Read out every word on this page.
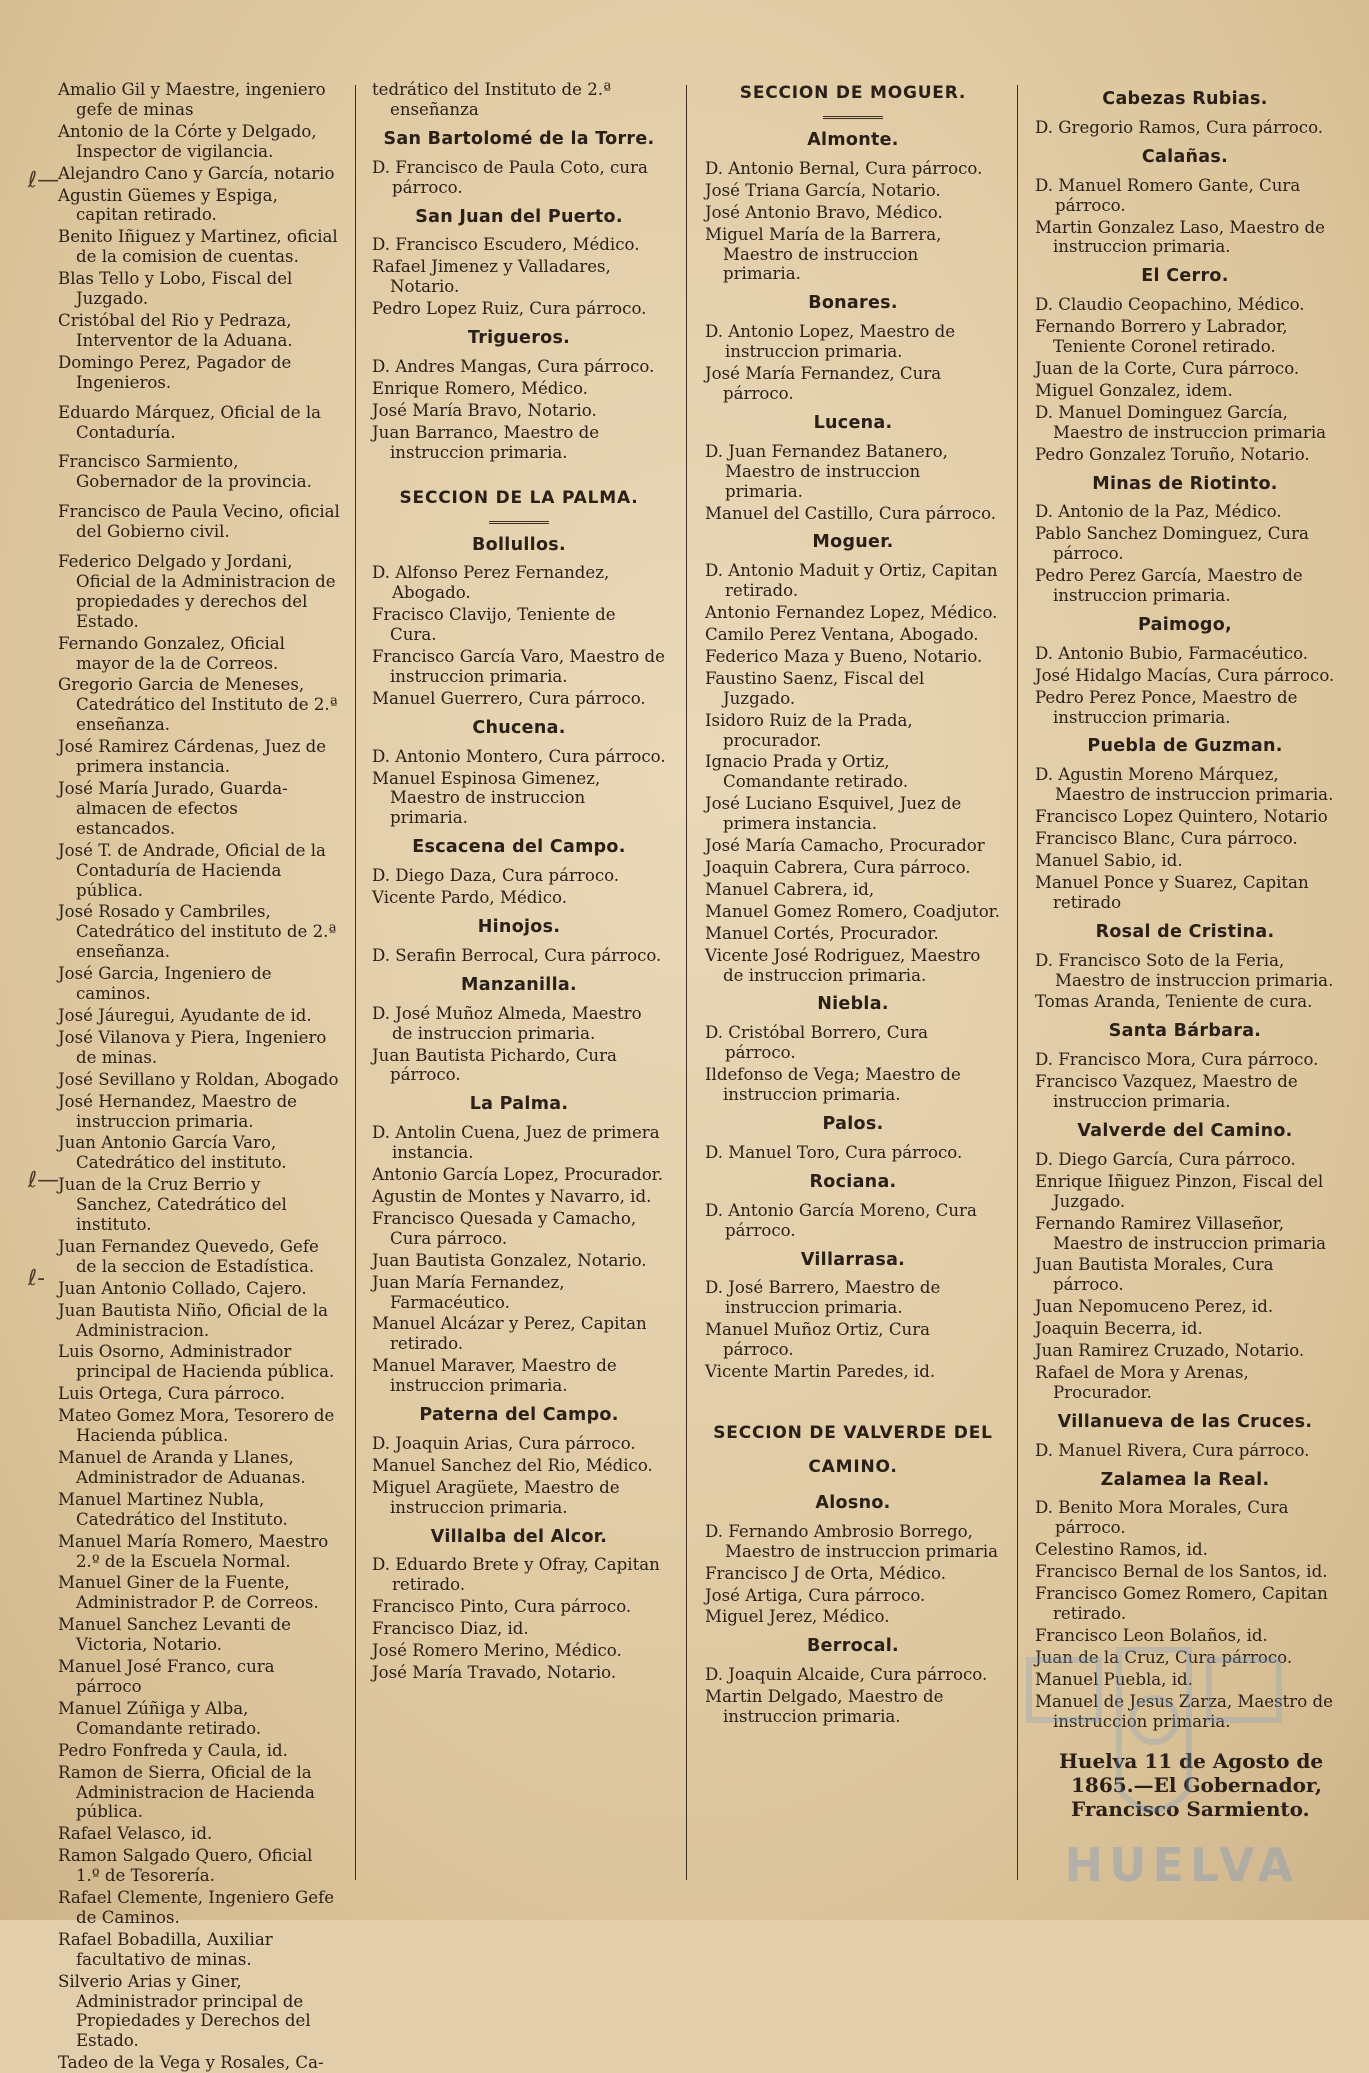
ℓ—
ℓ—
ℓ-
Amalio Gil y Maestre, ingeniero gefe de minas
Antonio de la Córte y Delgado, Inspector de vigilancia.
Alejandro Cano y García, notario
Agustin Güemes y Espiga, capitan retirado.
Benito Iñiguez y Martinez, oficial de la comision de cuentas.
Blas Tello y Lobo, Fiscal del Juzgado.
Cristóbal del Rio y Pedraza, Interventor de la Aduana.
Domingo Perez, Pagador de Ingenieros.
Eduardo Márquez, Oficial de la Contaduría.
Francisco Sarmiento, Gobernador de la provincia.
Francisco de Paula Vecino, oficial del Gobierno civil.
Federico Delgado y Jordani, Oficial de la Administracion de propiedades y derechos del Estado.
Fernando Gonzalez, Oficial mayor de la de Correos.
Gregorio Garcia de Meneses, Catedrático del Instituto de 2.ª enseñanza.
José Ramirez Cárdenas, Juez de primera instancia.
José María Jurado, Guarda-almacen de efectos estancados.
José T. de Andrade, Oficial de la Contaduría de Hacienda pública.
José Rosado y Cambriles, Catedrático del instituto de 2.ª enseñanza.
José Garcia, Ingeniero de caminos.
José Jáuregui, Ayudante de id.
José Vilanova y Piera, Ingeniero de minas.
José Sevillano y Roldan, Abogado
José Hernandez, Maestro de instruccion primaria.
Juan Antonio García Varo, Catedrático del instituto.
Juan de la Cruz Berrio y Sanchez, Catedrático del instituto.
Juan Fernandez Quevedo, Gefe de la seccion de Estadística.
Juan Antonio Collado, Cajero.
Juan Bautista Niño, Oficial de la Administracion.
Luis Osorno, Administrador principal de Hacienda pública.
Luis Ortega, Cura párroco.
Mateo Gomez Mora, Tesorero de Hacienda pública.
Manuel de Aranda y Llanes, Administrador de Aduanas.
Manuel Martinez Nubla, Catedrático del Instituto.
Manuel María Romero, Maestro 2.º de la Escuela Normal.
Manuel Giner de la Fuente, Administrador P. de Correos.
Manuel Sanchez Levanti de Victoria, Notario.
Manuel José Franco, cura párroco
Manuel Zúñiga y Alba, Comandante retirado.
Pedro Fonfreda y Caula, id.
Ramon de Sierra, Oficial de la Administracion de Hacienda pública.
Rafael Velasco, id.
Ramon Salgado Quero, Oficial 1.º de Tesorería.
Rafael Clemente, Ingeniero Gefe de Caminos.
Rafael Bobadilla, Auxiliar facultativo de minas.
Silverio Arias y Giner, Administrador principal de Propiedades y Derechos del Estado.
Tadeo de la Vega y Rosales, Ca-
tedrático del Instituto de 2.ª enseñanza
San Bartolomé de la Torre.
D. Francisco de Paula Coto, cura párroco.
San Juan del Puerto.
D. Francisco Escudero, Médico.
Rafael Jimenez y Valladares, Notario.
Pedro Lopez Ruiz, Cura párroco.
Trigueros.
D. Andres Mangas, Cura párroco.
Enrique Romero, Médico.
José María Bravo, Notario.
Juan Barranco, Maestro de instruccion primaria.
SECCION DE LA PALMA.
Bollullos.
D. Alfonso Perez Fernandez, Abogado.
Fracisco Clavijo, Teniente de Cura.
Francisco García Varo, Maestro de instruccion primaria.
Manuel Guerrero, Cura párroco.
Chucena.
D. Antonio Montero, Cura párroco.
Manuel Espinosa Gimenez, Maestro de instruccion primaria.
Escacena del Campo.
D. Diego Daza, Cura párroco.
Vicente Pardo, Médico.
Hinojos.
D. Serafin Berrocal, Cura párroco.
Manzanilla.
D. José Muñoz Almeda, Maestro de instruccion primaria.
Juan Bautista Pichardo, Cura párroco.
La Palma.
D. Antolin Cuena, Juez de primera instancia.
Antonio García Lopez, Procurador.
Agustin de Montes y Navarro, id.
Francisco Quesada y Camacho, Cura párroco.
Juan Bautista Gonzalez, Notario.
Juan María Fernandez, Farmacéutico.
Manuel Alcázar y Perez, Capitan retirado.
Manuel Maraver, Maestro de instruccion primaria.
Paterna del Campo.
D. Joaquin Arias, Cura párroco.
Manuel Sanchez del Rio, Médico.
Miguel Aragüete, Maestro de instruccion primaria.
Villalba del Alcor.
D. Eduardo Brete y Ofray, Capitan retirado.
Francisco Pinto, Cura párroco.
Francisco Diaz, id.
José Romero Merino, Médico.
José María Travado, Notario.
SECCION DE MOGUER.
Almonte.
D. Antonio Bernal, Cura párroco.
José Triana García, Notario.
José Antonio Bravo, Médico.
Miguel María de la Barrera, Maestro de instruccion primaria.
Bonares.
D. Antonio Lopez, Maestro de instruccion primaria.
José María Fernandez, Cura párroco.
Lucena.
D. Juan Fernandez Batanero, Maestro de instruccion primaria.
Manuel del Castillo, Cura párroco.
Moguer.
D. Antonio Maduit y Ortiz, Capitan retirado.
Antonio Fernandez Lopez, Médico.
Camilo Perez Ventana, Abogado.
Federico Maza y Bueno, Notario.
Faustino Saenz, Fiscal del Juzgado.
Isidoro Ruiz de la Prada, procurador.
Ignacio Prada y Ortiz, Comandante retirado.
José Luciano Esquivel, Juez de primera instancia.
José María Camacho, Procurador
Joaquin Cabrera, Cura párroco.
Manuel Cabrera, id,
Manuel Gomez Romero, Coadjutor.
Manuel Cortés, Procurador.
Vicente José Rodriguez, Maestro de instruccion primaria.
Niebla.
D. Cristóbal Borrero, Cura párroco.
Ildefonso de Vega; Maestro de instruccion primaria.
Palos.
D. Manuel Toro, Cura párroco.
Rociana.
D. Antonio García Moreno, Cura párroco.
Villarrasa.
D. José Barrero, Maestro de instruccion primaria.
Manuel Muñoz Ortiz, Cura párroco.
Vicente Martin Paredes, id.
SECCION DE VALVERDE DEL CAMINO.
Alosno.
D. Fernando Ambrosio Borrego, Maestro de instruccion primaria
Francisco J de Orta, Médico.
José Artiga, Cura párroco.
Miguel Jerez, Médico.
Berrocal.
D. Joaquin Alcaide, Cura párroco.
Martin Delgado, Maestro de instruccion primaria.
Cabezas Rubias.
D. Gregorio Ramos, Cura párroco.
Calañas.
D. Manuel Romero Gante, Cura párroco.
Martin Gonzalez Laso, Maestro de instruccion primaria.
El Cerro.
D. Claudio Ceopachino, Médico.
Fernando Borrero y Labrador, Teniente Coronel retirado.
Juan de la Corte, Cura párroco.
Miguel Gonzalez, idem.
D. Manuel Dominguez García, Maestro de instruccion primaria
Pedro Gonzalez Toruño, Notario.
Minas de Riotinto.
D. Antonio de la Paz, Médico.
Pablo Sanchez Dominguez, Cura párroco.
Pedro Perez García, Maestro de instruccion primaria.
Paimogo,
D. Antonio Bubio, Farmacéutico.
José Hidalgo Macías, Cura párroco.
Pedro Perez Ponce, Maestro de instruccion primaria.
Puebla de Guzman.
D. Agustin Moreno Márquez, Maestro de instruccion primaria.
Francisco Lopez Quintero, Notario
Francisco Blanc, Cura párroco.
Manuel Sabio, id.
Manuel Ponce y Suarez, Capitan retirado
Rosal de Cristina.
D. Francisco Soto de la Feria, Maestro de instruccion primaria.
Tomas Aranda, Teniente de cura.
Santa Bárbara.
D. Francisco Mora, Cura párroco.
Francisco Vazquez, Maestro de instruccion primaria.
Valverde del Camino.
D. Diego García, Cura párroco.
Enrique Iñiguez Pinzon, Fiscal del Juzgado.
Fernando Ramirez Villaseñor, Maestro de instruccion primaria
Juan Bautista Morales, Cura párroco.
Juan Nepomuceno Perez, id.
Joaquin Becerra, id.
Juan Ramirez Cruzado, Notario.
Rafael de Mora y Arenas, Procurador.
Villanueva de las Cruces.
D. Manuel Rivera, Cura párroco.
Zalamea la Real.
D. Benito Mora Morales, Cura párroco.
Celestino Ramos, id.
Francisco Bernal de los Santos, id.
Francisco Gomez Romero, Capitan retirado.
Francisco Leon Bolaños, id.
Juan de la Cruz, Cura párroco.
Manuel Puebla, id.
Manuel de Jesus Zarza, Maestro de instruccion primaria.
Huelva 11 de Agosto de 1865.—El Gobernador, Francisco Sarmiento.
HUELVA
